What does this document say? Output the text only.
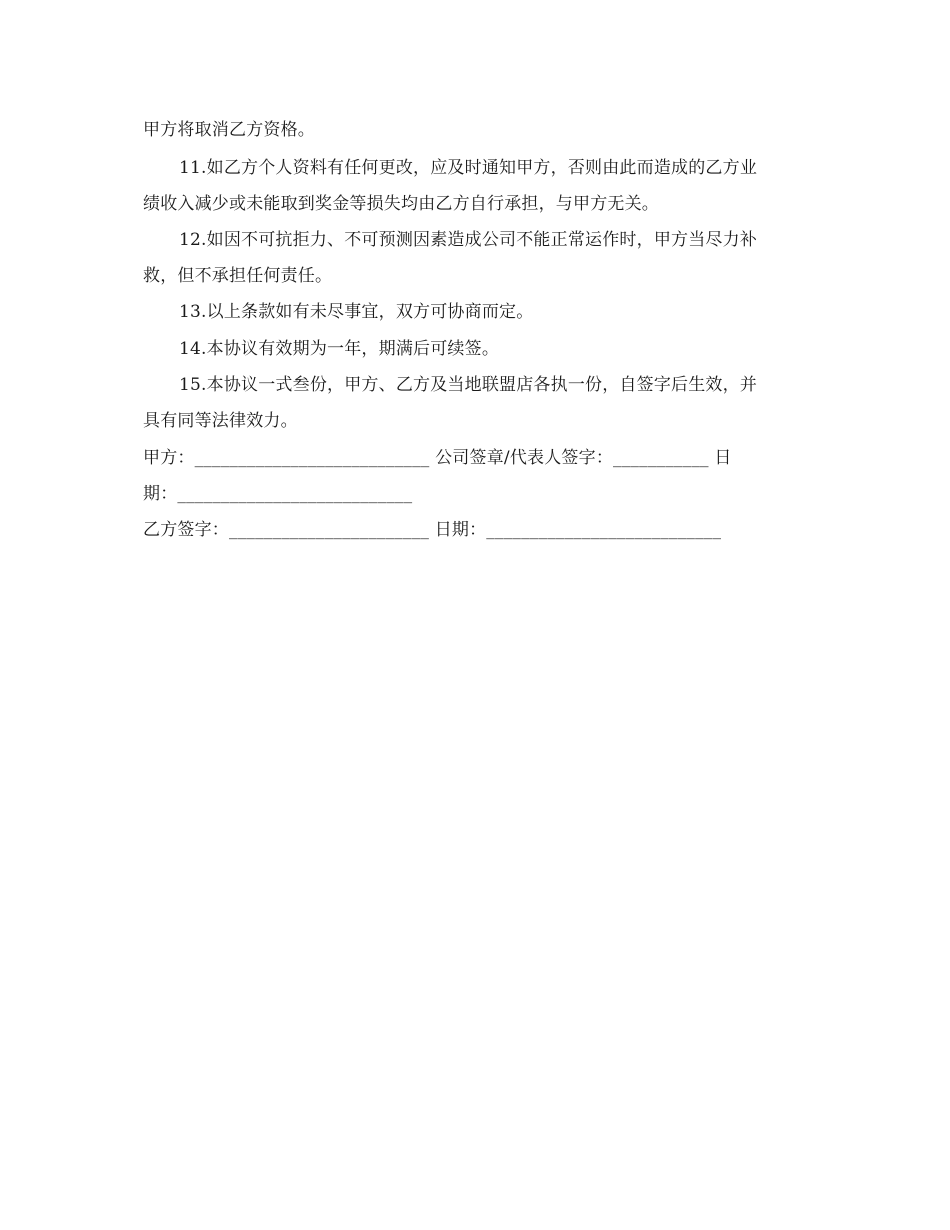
甲方将取消乙方资格。
11.如乙方个人资料有任何更改，应及时通知甲方，否则由此而造成的乙方业
绩收入减少或未能取到奖金等损失均由乙方自行承担，与甲方无关。
12.如因不可抗拒力、不可预测因素造成公司不能正常运作时，甲方当尽力补
救，但不承担任何责任。
13.以上条款如有未尽事宜，双方可协商而定。
14.本协议有效期为一年，期满后可续签。
15.本协议一式叁份，甲方、乙方及当地联盟店各执一份，自签字后生效，并
具有同等法律效力。
甲方：___________________________ 公司签章/代表人签字：___________ 日
期：___________________________
乙方签字：_______________________ 日期：___________________________
